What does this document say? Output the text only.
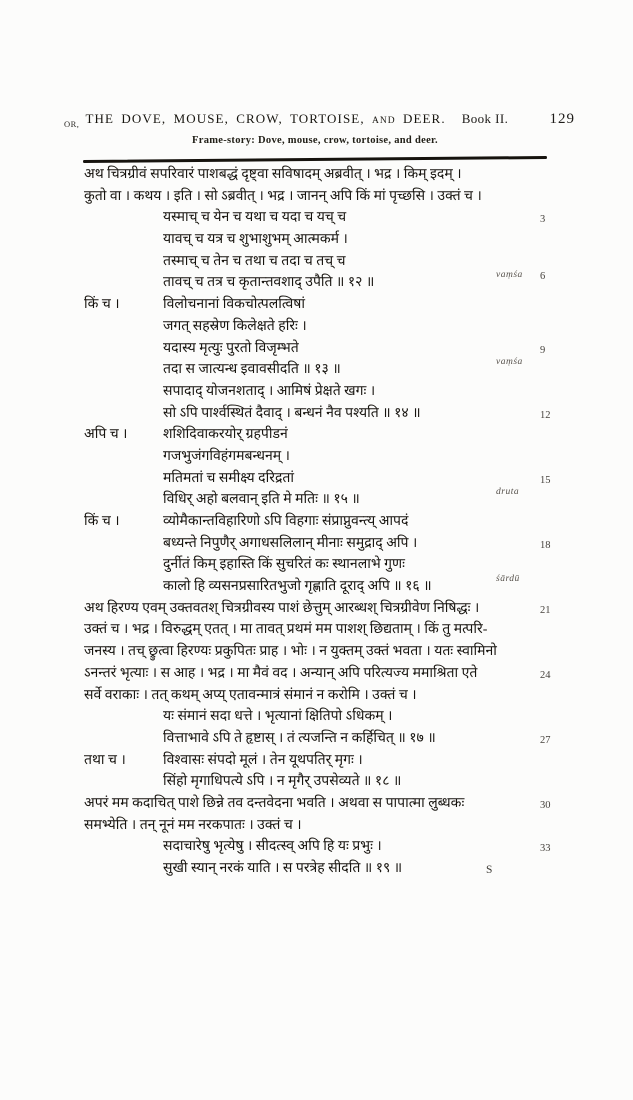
OR, THE DOVE, MOUSE, CROW, TORTOISE, AND DEER. Book II.	129
Frame-story: Dove, mouse, crow, tortoise, and deer.
अथ चित्रग्रीवं सपरिवारं पाशबद्धं दृष्ट्वा सविषादम् अब्रवीत् । भद्र । किम् इदम् ।
कुतो वा । कथय । इति । सो ऽब्रवीत् । भद्र । जानन् अपि किं मां पृच्छसि । उक्तं च ।
यस्माच् च येन च यथा च यदा च यच् च	3
यावच् च यत्र च शुभाशुभम् आत्मकर्म ।
तस्माच् च तेन च तथा च तदा च तच् च
तावच् च तत्र च कृतान्तवशाद् उपैति ॥ १२ ॥	vaṃśa 6
किं च ।	विलोचनानां विकचोत्पलत्विषां
जगत् सहस्रेण किलेक्षते हरिः ।
यदास्य मृत्युः पुरतो विजृम्भते	9
तदा स जात्यन्ध इवावसीदति ॥ १३ ॥	vaṃśa
सपादाद् योजनशताद् । आमिषं प्रेक्षते खगः ।
सो ऽपि पार्श्वस्थितं दैवाद् । बन्धनं नैव पश्यति ॥ १४ ॥	12
अपि च ।	शशिदिवाकरयोर् ग्रहपीडनं
गजभुजंगविहंगमबन्धनम् ।
मतिमतां च समीक्ष्य दरिद्रतां	15
विधिर् अहो बलवान् इति मे मतिः ॥ १५ ॥	druta
किं च ।	व्योमैकान्तविहारिणो ऽपि विहगाः संप्राप्नुवन्त्य् आपदं
बध्यन्ते निपुणैर् अगाधसलिलान् मीनाः समुद्राद् अपि ।	18
दुर्नीतं किम् इहास्ति किं सुचरितं कः स्थानलाभे गुणः
कालो हि व्यसनप्रसारितभुजो गृह्णाति दूराद् अपि ॥ १६ ॥	śārdū
अथ हिरण्य एवम् उक्तवतश् चित्रग्रीवस्य पाशं छेत्तुम् आरब्धश् चित्रग्रीवेण निषिद्धः ।	21
उक्तं च । भद्र । विरुद्धम् एतत् । मा तावत् प्रथमं मम पाशश् छिद्यताम् । किं तु मत्परि-
जनस्य । तच् छ्रुत्वा हिरण्यः प्रकुपितः प्राह । भोः । न युक्तम् उक्तं भवता । यतः स्वामिनो
ऽनन्तरं भृत्याः । स आह । भद्र । मा मैवं वद । अन्यान् अपि परित्यज्य ममाश्रिता एते	24
सर्वे वराकाः । तत् कथम् अप्य् एतावन्मात्रं संमानं न करोमि । उक्तं च ।
यः संमानं सदा धत्ते । भृत्यानां क्षितिपो ऽधिकम् ।
वित्ताभावे ऽपि ते हृष्टास् । तं त्यजन्ति न कर्हिचित् ॥ १७ ॥	27
तथा च ।	विश्वासः संपदो मूलं । तेन यूथपतिर् मृगः ।
सिंहो मृगाधिपत्ये ऽपि । न मृगैर् उपसेव्यते ॥ १८ ॥
अपरं मम कदाचित् पाशे छिन्ने तव दन्तवेदना भवति । अथवा स पापात्मा लुब्धकः	30
समभ्येति । तन् नूनं मम नरकपातः । उक्तं च ।
सदाचारेषु भृत्येषु । सीदत्स्व् अपि हि यः प्रभुः ।	33
सुखी स्यान् नरकं याति । स परत्रेह सीदति ॥ १९ ॥	S
